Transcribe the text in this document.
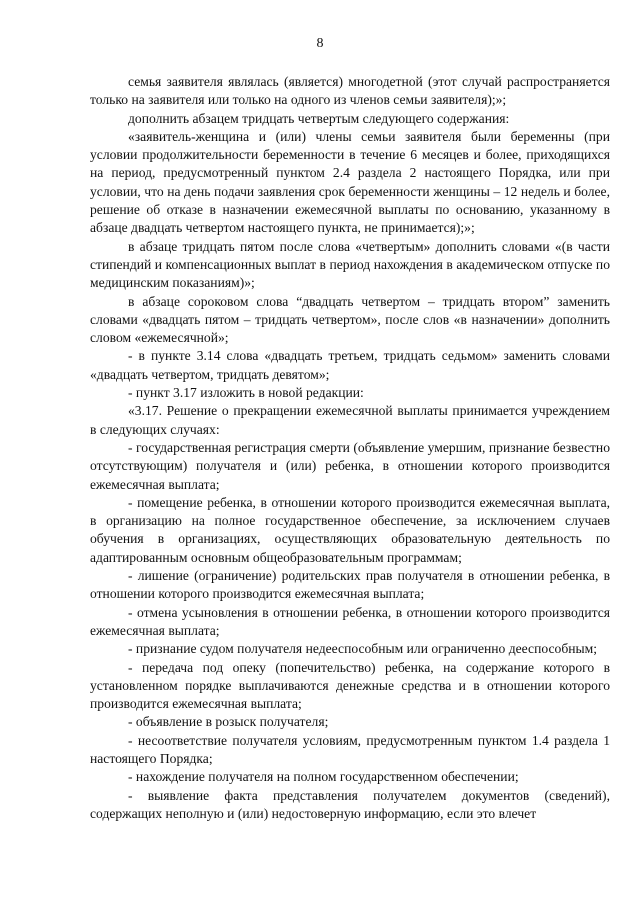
8

семья заявителя являлась (является) многодетной (этот случай распространяется только на заявителя или только на одного из членов семьи заявителя);»;

дополнить абзацем тридцать четвертым следующего содержания:

«заявитель-женщина и (или) члены семьи заявителя были беременны (при условии продолжительности беременности в течение 6 месяцев и более, приходящихся на период, предусмотренный пунктом 2.4 раздела 2 настоящего Порядка, или при условии, что на день подачи заявления срок беременности женщины – 12 недель и более, решение об отказе в назначении ежемесячной выплаты по основанию, указанному в абзаце двадцать четвертом настоящего пункта, не принимается);»;

в абзаце тридцать пятом после слова «четвертым» дополнить словами «(в части стипендий и компенсационных выплат в период нахождения в академическом отпуске по медицинским показаниям)»;

в абзаце сороковом слова “двадцать четвертом – тридцать втором” заменить словами «двадцать пятом – тридцать четвертом», после слов «в назначении» дополнить словом «ежемесячной»;

- в пункте 3.14 слова «двадцать третьем, тридцать седьмом» заменить словами «двадцать четвертом, тридцать девятом»;

- пункт 3.17 изложить в новой редакции:

«3.17. Решение о прекращении ежемесячной выплаты принимается учреждением в следующих случаях:

- государственная регистрация смерти (объявление умершим, признание безвестно отсутствующим) получателя и (или) ребенка, в отношении которого производится ежемесячная выплата;

- помещение ребенка, в отношении которого производится ежемесячная выплата, в организацию на полное государственное обеспечение, за исключением случаев обучения в организациях, осуществляющих образовательную деятельность по адаптированным основным общеобразовательным программам;

- лишение (ограничение) родительских прав получателя в отношении ребенка, в отношении которого производится ежемесячная выплата;

- отмена усыновления в отношении ребенка, в отношении которого производится ежемесячная выплата;

- признание судом получателя недееспособным или ограниченно дееспособным;

- передача под опеку (попечительство) ребенка, на содержание которого в установленном порядке выплачиваются денежные средства и в отношении которого производится ежемесячная выплата;

- объявление в розыск получателя;

- несоответствие получателя условиям, предусмотренным пунктом 1.4 раздела 1 настоящего Порядка;

- нахождение получателя на полном государственном обеспечении;

- выявление факта представления получателем документов (сведений), содержащих неполную и (или) недостоверную информацию, если это влечет
